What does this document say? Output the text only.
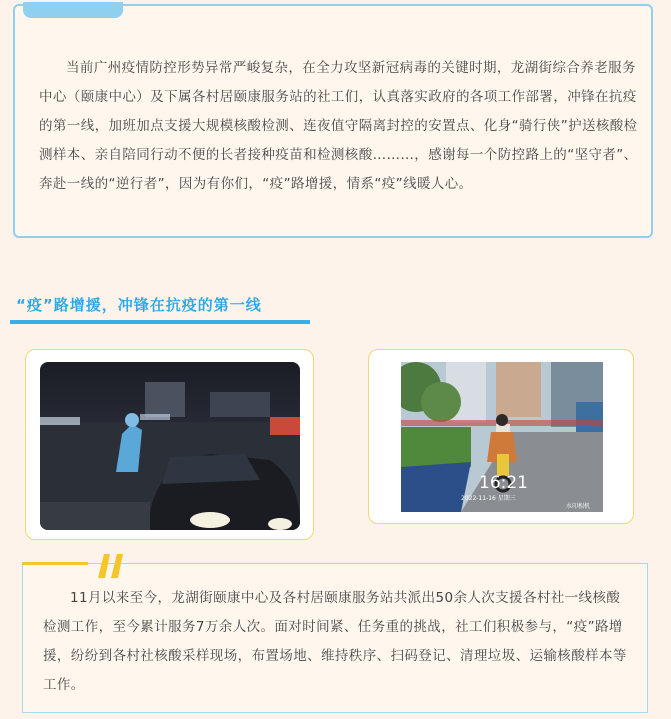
当前广州疫情防控形势异常严峻复杂，在全力攻坚新冠病毒的关键时期，龙湖街综合养老服务中心（颐康中心）及下属各村居颐康服务站的社工们，认真落实政府的各项工作部署，冲锋在抗疫的第一线，加班加点支援大规模核酸检测、连夜值守隔离封控的安置点、化身“骑行侠”护送核酸检测样本、亲自陪同行动不便的长者接种疫苗和检测核酸………，感谢每一个防控路上的“坚守者”、奔赴一线的“逆行者”，因为有你们，“疫”路增援，情系“疫”线暖人心。
“疫”路增援，冲锋在抗疫的第一线
16:21
2022-11-16 星期三
水印相机
11月以来至今，龙湖街颐康中心及各村居颐康服务站共派出50余人次支援各村社一线核酸检测工作，至今累计服务7万余人次。面对时间紧、任务重的挑战，社工们积极参与，“疫”路增援，纷纷到各村社核酸采样现场，布置场地、维持秩序、扫码登记、清理垃圾、运输核酸样本等工作。
